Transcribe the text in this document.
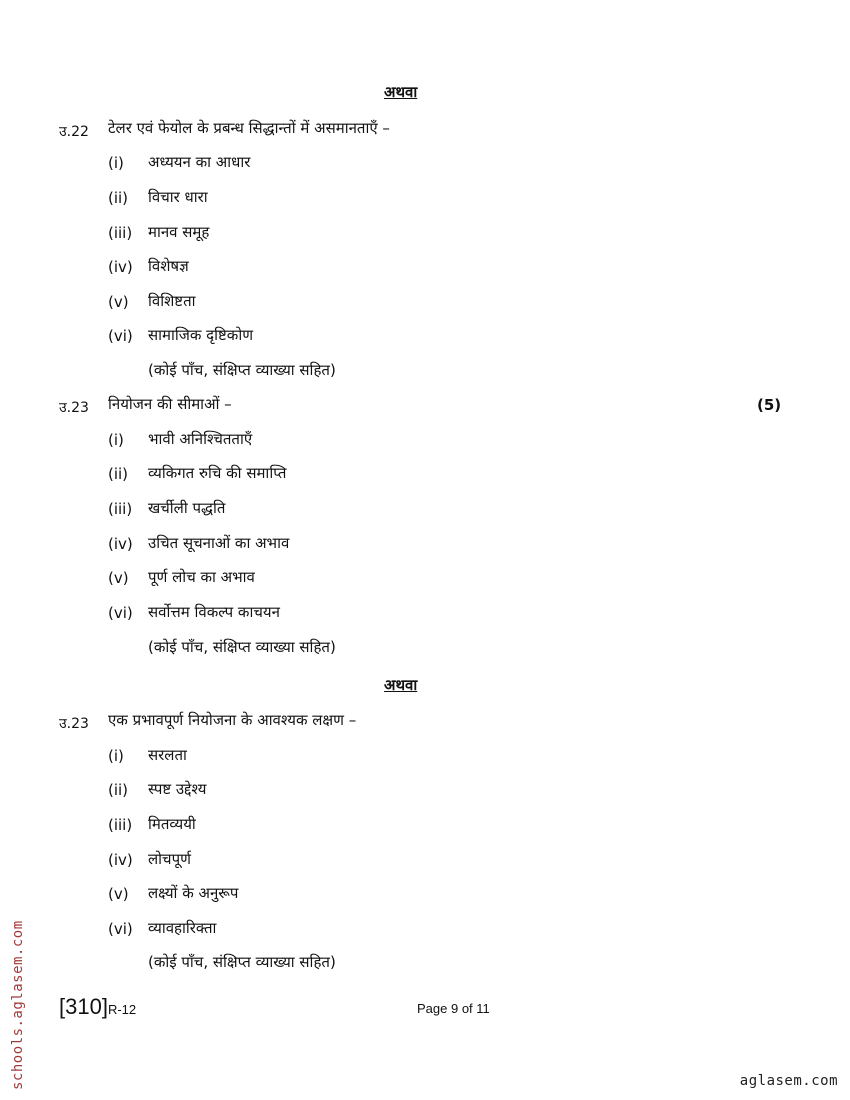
अथवा
उ.22 टेलर एवं फेयोल के प्रबन्ध सिद्धान्तों में असमानताएँ –
(i) अध्ययन का आधार
(ii) विचार धारा
(iii) मानव समूह
(iv) विशेषज्ञ
(v) विशिष्टता
(vi) सामाजिक दृष्टिकोण
(कोई पाँच, संक्षिप्त व्याख्या सहित)
उ.23 नियोजन की सीमाओं –	(5)
(i) भावी अनिश्चितताएँ
(ii) व्यकिगत रुचि की समाप्ति
(iii) खर्चीली पद्धति
(iv) उचित सूचनाओं का अभाव
(v) पूर्ण लोच का अभाव
(vi) सर्वोत्तम विकल्प काचयन
(कोई पाँच, संक्षिप्त व्याख्या सहित)
अथवा
उ.23 एक प्रभावपूर्ण नियोजना के आवश्यक लक्षण –
(i) सरलता
(ii) स्पष्ट उद्देश्य
(iii) मितव्ययी
(iv) लोचपूर्ण
(v) लक्ष्यों के अनुरूप
(vi) व्यावहारिक्ता
(कोई पाँच, संक्षिप्त व्याख्या सहित)
[310]R-12	Page 9 of 11
schools.aglasem.com	aglasem.com
